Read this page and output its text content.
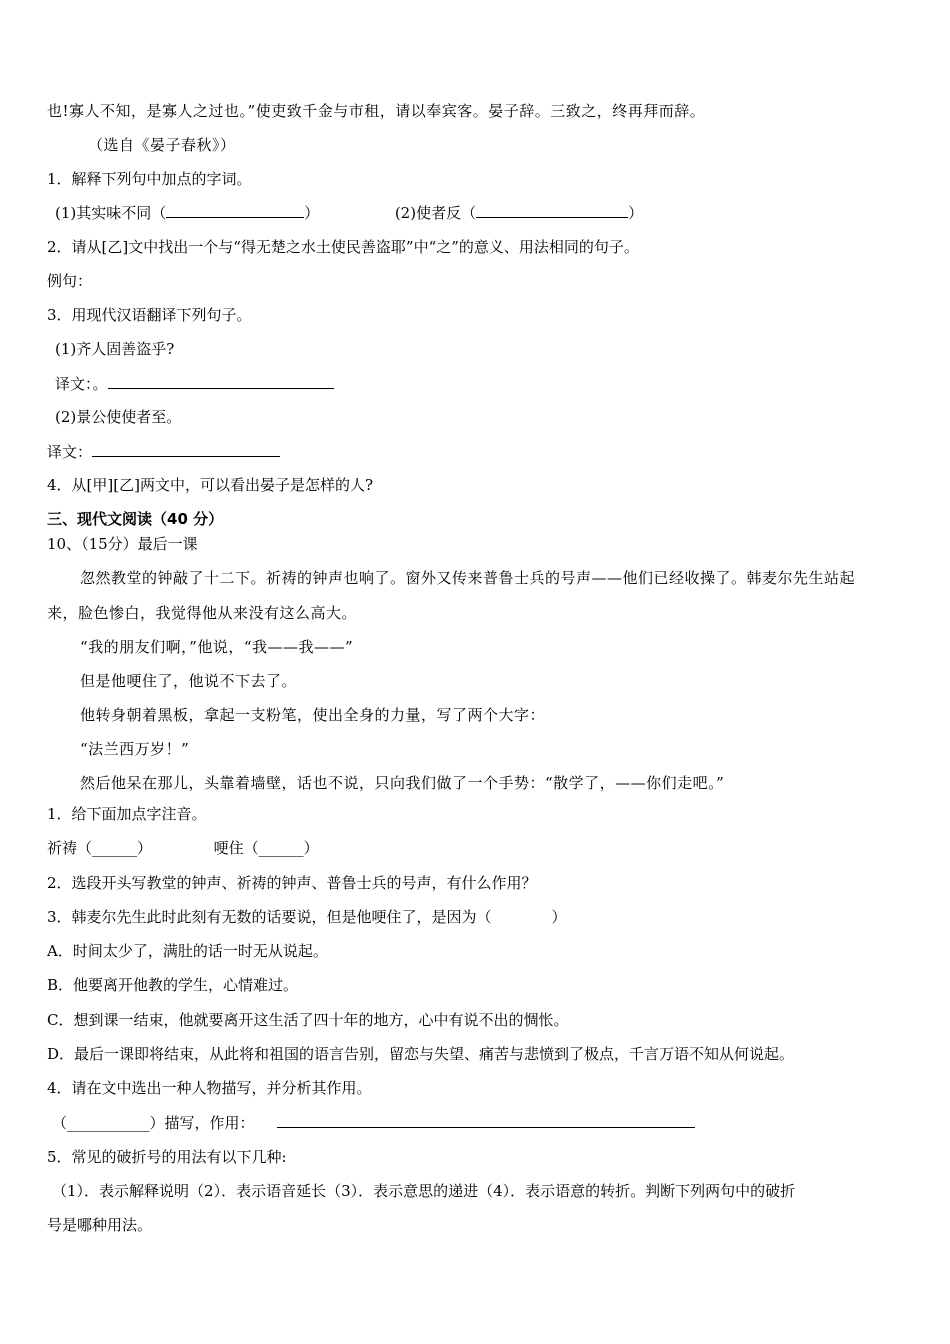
也!寡人不知，是寡人之过也。”使吏致千金与市租，请以奉宾客。晏子辞。三致之，终再拜而辞。
（选自《晏子春秋》）
1．解释下列句中加点的字词。
(1)其实味不同（	）	(2)使者反（	）
2．请从[乙]文中找出一个与“得无楚之水土使民善盗耶”中“之”的意义、用法相同的句子。
例句：
3．用现代汉语翻译下列句子。
(1)齐人固善盗乎?
译文：。
(2)景公使使者至。
译文：
4．从[甲][乙]两文中，可以看出晏子是怎样的人?
三、现代文阅读（40 分）
10、（15分）最后一课
忽然教堂的钟敲了十二下。祈祷的钟声也响了。窗外又传来普鲁士兵的号声——他们已经收操了。韩麦尔先生站起
来，脸色惨白，我觉得他从来没有这么高大。
“我的朋友们啊，”他说，“我——我——”
但是他哽住了，他说不下去了。
他转身朝着黑板，拿起一支粉笔，使出全身的力量，写了两个大字：
“法兰西万岁！”
然后他呆在那儿，头靠着墙壁，话也不说，只向我们做了一个手势：“散学了，——你们走吧。”
1．给下面加点字注音。
祈祷（______）	哽住（______）
2．选段开头写教堂的钟声、祈祷的钟声、普鲁士兵的号声，有什么作用？
3．韩麦尔先生此时此刻有无数的话要说，但是他哽住了，是因为（　　　　）
A．时间太少了，满肚的话一时无从说起。
B．他要离开他教的学生，心情难过。
C．想到课一结束，他就要离开这生活了四十年的地方，心中有说不出的惆怅。
D．最后一课即将结束，从此将和祖国的语言告别，留恋与失望、痛苦与悲愤到了极点，千言万语不知从何说起。
4．请在文中选出一种人物描写，并分析其作用。
（___________）描写，作用：
5．常见的破折号的用法有以下几种:
（1）．表示解释说明（2）．表示语音延长（3）．表示意思的递进（4）．表示语意的转折。判断下列两句中的破折
号是哪种用法。
